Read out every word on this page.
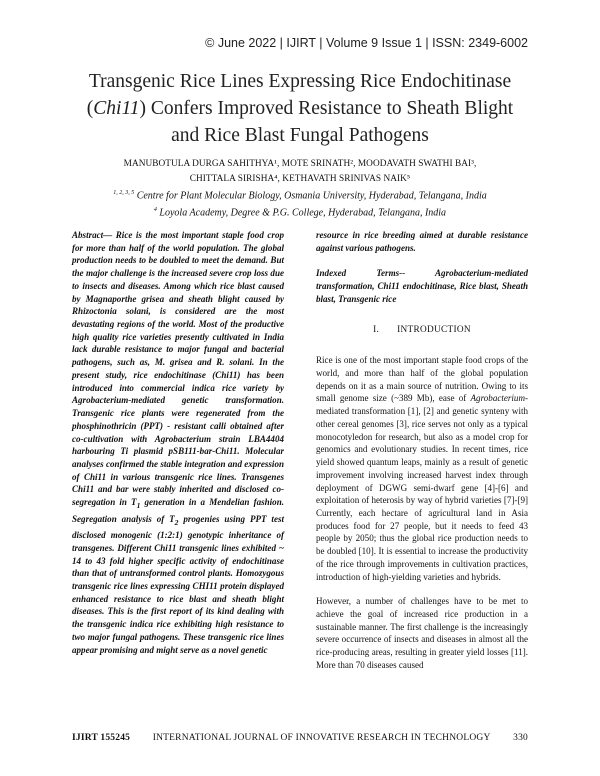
© June 2022 | IJIRT | Volume 9 Issue 1 | ISSN: 2349-6002
Transgenic Rice Lines Expressing Rice Endochitinase
(Chi11) Confers Improved Resistance to Sheath Blight
and Rice Blast Fungal Pathogens
MANUBOTULA DURGA SAHITHYA¹, MOTE SRINATH², MOODAVATH SWATHI BAI³,
CHITTALA SIRISHA⁴, KETHAVATH SRINIVAS NAIK⁵
$^{1, 2, 3, 5}$ Centre for Plant Molecular Biology, Osmania University, Hyderabad, Telangana, India
$^4$ Loyola Academy, Degree & P.G. College, Hyderabad, Telangana, India

Abstract— Rice is the most important staple food crop for more than half of the world population. The global production needs to be doubled to meet the demand. But the major challenge is the increased severe crop loss due to insects and diseases. Among which rice blast caused by Magnaporthe grisea and sheath blight caused by Rhizoctonia solani, is considered are the most devastating regions of the world. Most of the productive high quality rice varieties presently cultivated in India lack durable resistance to major fungal and bacterial pathogens, such as, M. grisea and R. solani. In the present study, rice endochitinase (Chi11) has been introduced into commercial indica rice variety by Agrobacterium-mediated genetic transformation. Transgenic rice plants were regenerated from the phosphinothricin (PPT) - resistant calli obtained after co-cultivation with Agrobacterium strain LBA4404 harbouring Ti plasmid pSB111-bar-Chi11. Molecular analyses confirmed the stable integration and expression of Chi11 in various transgenic rice lines. Transgenes Chi11 and bar were stably inherited and disclosed co-segregation in $T_1$ generation in a Mendelian fashion. Segregation analysis of $T_2$ progenies using PPT test disclosed monogenic (1:2:1) genotypic inheritance of transgenes. Different Chi11 transgenic lines exhibited ~ 14 to 43 fold higher specific activity of endochitinase than that of untransformed control plants. Homozygous transgenic rice lines expressing CHI11 protein displayed enhanced resistance to rice blast and sheath blight diseases. This is the first report of its kind dealing with the transgenic indica rice exhibiting high resistance to two major fungal pathogens. These transgenic rice lines appear promising and might serve as a novel genetic

resource in rice breeding aimed at durable resistance against various pathogens.

Indexed Terms-- Agrobacterium-mediated transformation, Chi11 endochitinase, Rice blast, Sheath blast, Transgenic rice

I. INTRODUCTION

Rice is one of the most important staple food crops of the world, and more than half of the global population depends on it as a main source of nutrition. Owing to its small genome size (~389 Mb), ease of Agrobacterium-mediated transformation [1], [2] and genetic synteny with other cereal genomes [3], rice serves not only as a typical monocotyledon for research, but also as a model crop for genomics and evolutionary studies. In recent times, rice yield showed quantum leaps, mainly as a result of genetic improvement involving increased harvest index through deployment of DGWG semi-dwarf gene [4]-[6] and exploitation of heterosis by way of hybrid varieties [7]-[9] Currently, each hectare of agricultural land in Asia produces food for 27 people, but it needs to feed 43 people by 2050; thus the global rice production needs to be doubled [10]. It is essential to increase the productivity of the rice through improvements in cultivation practices, introduction of high-yielding varieties and hybrids.

However, a number of challenges have to be met to achieve the goal of increased rice production in a sustainable manner. The first challenge is the increasingly severe occurrence of insects and diseases in almost all the rice-producing areas, resulting in greater yield losses [11]. More than 70 diseases caused

IJIRT 155245 INTERNATIONAL JOURNAL OF INNOVATIVE RESEARCH IN TECHNOLOGY 330
